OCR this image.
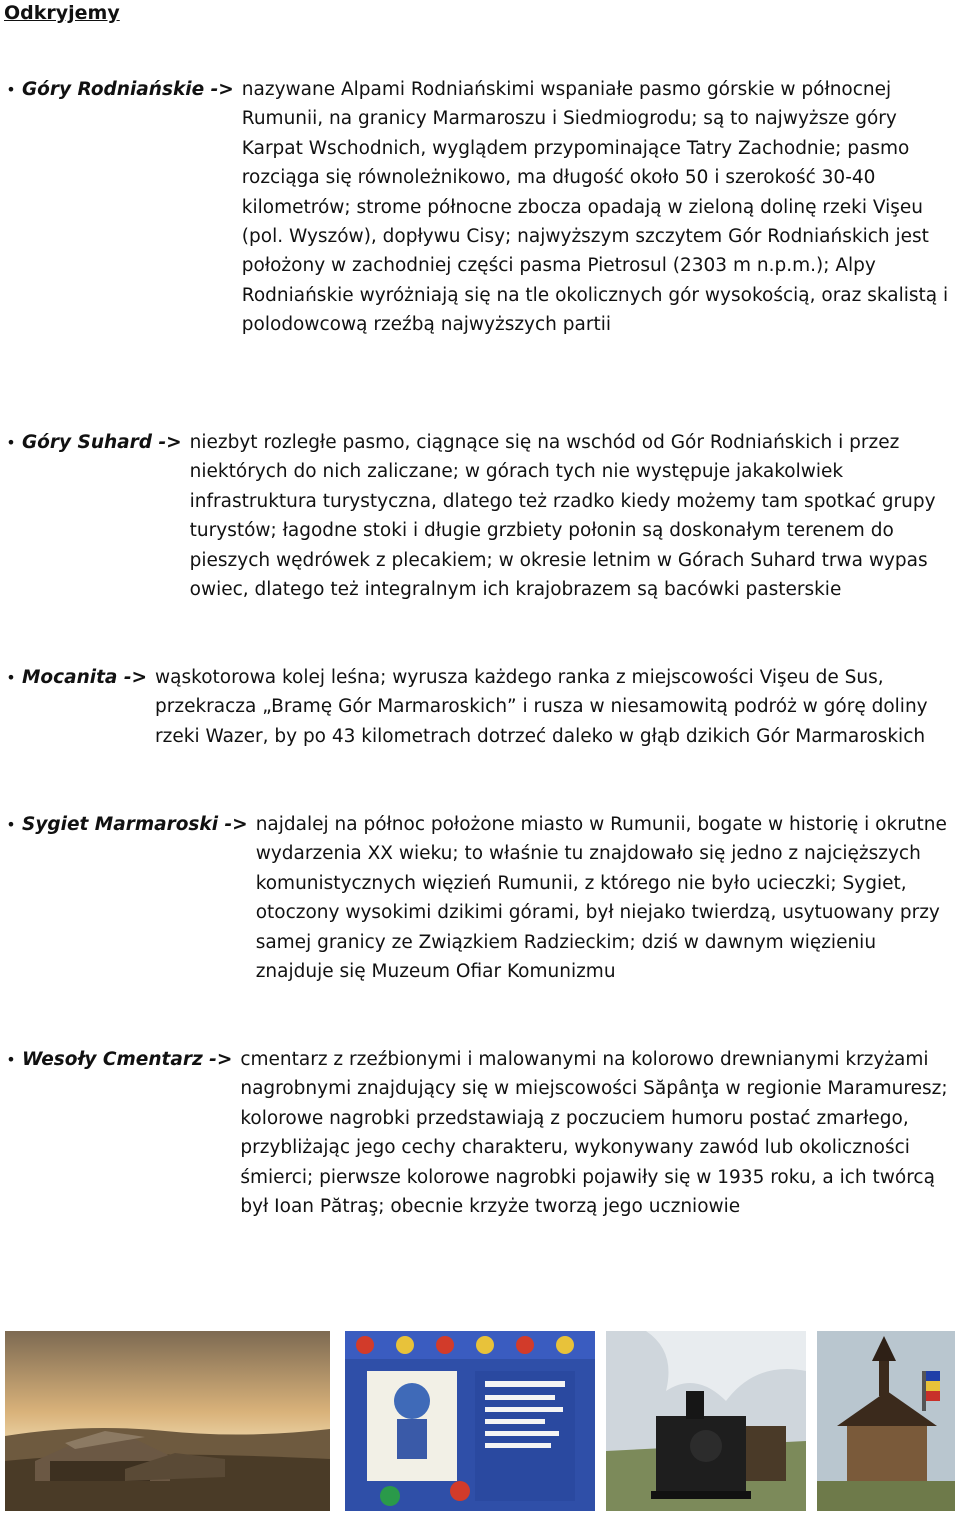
Odkryjemy
• Góry Rodniańskie -> nazywane Alpami Rodniańskimi wspaniałe pasmo górskie w północnej Rumunii, na granicy Marmaroszu i Siedmiogrodu; są to najwyższe góry Karpat Wschodnich, wyglądem przypominające Tatry Zachodnie; pasmo rozciąga się równoleżnikowo, ma długość około 50 i szerokość 30-40 kilometrów; strome północne zbocza opadają w zieloną dolinę rzeki Vişeu (pol. Wyszów), dopływu Cisy; najwyższym szczytem Gór Rodniańskich jest położony w zachodniej części pasma Pietrosul (2303 m n.p.m.); Alpy Rodniańskie wyróżniają się na tle okolicznych gór wysokością, oraz skalistą i polodowcową rzeźbą najwyższych partii
• Góry Suhard -> niezbyt rozległe pasmo, ciągnące się na wschód od Gór Rodniańskich i przez niektórych do nich zaliczane; w górach tych nie występuje jakakolwiek infrastruktura turystyczna, dlatego też rzadko kiedy możemy tam spotkać grupy turystów; łagodne stoki i długie grzbiety połonin są doskonałym terenem do pieszych wędrówek z plecakiem; w okresie letnim w Górach Suhard trwa wypas owiec, dlatego też integralnym ich krajobrazem są bacówki pasterskie
• Mocanita -> wąskotorowa kolej leśna; wyrusza każdego ranka z miejscowości Vişeu de Sus, przekracza „Bramę Gór Marmaroskich” i rusza w niesamowitą podróż w górę doliny rzeki Wazer, by po 43 kilometrach dotrzeć daleko w głąb dzikich Gór Marmaroskich
• Sygiet Marmaroski -> najdalej na północ położone miasto w Rumunii, bogate w historię i okrutne wydarzenia XX wieku; to właśnie tu znajdowało się jedno z najcięższych komunistycznych więzień Rumunii, z którego nie było ucieczki; Sygiet, otoczony wysokimi dzikimi górami, był niejako twierdzą, usytuowany przy samej granicy ze Związkiem Radzieckim; dziś w dawnym więzieniu znajduje się Muzeum Ofiar Komunizmu
• Wesoły Cmentarz -> cmentarz z rzeźbionymi i malowanymi na kolorowo drewnianymi krzyżami nagrobnymi znajdujący się w miejscowości Săpânţa w regionie Maramuresz; kolorowe nagrobki przedstawiają z poczuciem humoru postać zmarłego, przybliżając jego cechy charakteru, wykonywany zawód lub okoliczności śmierci; pierwsze kolorowe nagrobki pojawiły się w 1935 roku, a ich twórcą był Ioan Pătraş; obecnie krzyże tworzą jego uczniowie
